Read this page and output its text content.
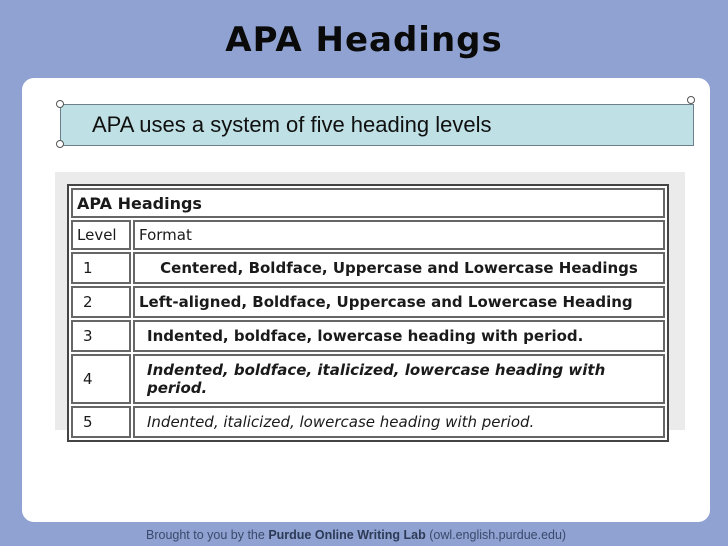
APA Headings
APA uses a system of five heading levels
APA Headings	
Level	Format
1	Centered, Boldface, Uppercase and Lowercase Headings
2	Left-aligned, Boldface, Uppercase and Lowercase Heading
3	Indented, boldface, lowercase heading with period.
4	Indented, boldface, italicized, lowercase heading with period.
5	Indented, italicized, lowercase heading with period.
Brought to you by the Purdue Online Writing Lab (owl.english.purdue.edu)
